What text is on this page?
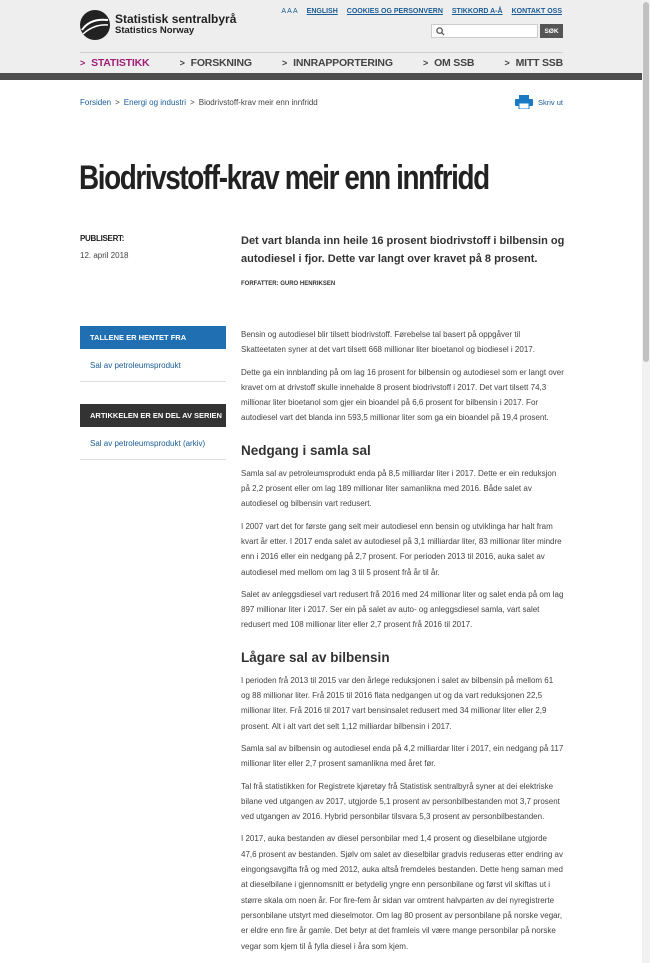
Statistisk sentralbyrå
Statistics Norway
A A A ENGLISH COOKIES OG PERSONVERN STIKKORD A-Å KONTAKT OSS
SØK
> STATISTIKK	> FORSKNING	> INNRAPPORTERING	> OM SSB	> MITT SSB
Forsiden > Energi og industri > Biodrivstoff-krav meir enn innfridd	Skriv ut
Biodrivstoff-krav meir enn innfridd
PUBLISERT:
12. april 2018
Det vart blanda inn heile 16 prosent biodrivstoff i bilbensin og autodiesel i fjor. Dette var langt over kravet på 8 prosent.
FORFATTER: GURO HENRIKSEN
TALLENE ER HENTET FRA
Sal av petroleumsprodukt
ARTIKKELEN ER EN DEL AV SERIEN
Sal av petroleumsprodukt (arkiv)

Bensin og autodiesel blir tilsett biodrivstoff. Førebelse tal basert på oppgåver til Skatteetaten syner at det vart tilsett 668 millionar liter bioetanol og biodiesel i 2017.

Dette ga ein innblanding på om lag 16 prosent for bilbensin og autodiesel som er langt over kravet om at drivstoff skulle innehalde 8 prosent biodrivstoff i 2017. Det vart tilsett 74,3 millionar liter bioetanol som gjer ein bioandel på 6,6 prosent for bilbensin i 2017. For autodiesel vart det blanda inn 593,5 millionar liter som ga ein bioandel på 19,4 prosent.

Nedgang i samla sal

Samla sal av petroleumsprodukt enda på 8,5 milliardar liter i 2017. Dette er ein reduksjon på 2,2 prosent eller om lag 189 millionar liter samanlikna med 2016. Både salet av autodiesel og bilbensin vart redusert.

I 2007 vart det for første gang selt meir autodiesel enn bensin og utviklinga har halt fram kvart år etter. I 2017 enda salet av autodiesel på 3,1 milliardar liter, 83 millionar liter mindre enn i 2016 eller ein nedgang på 2,7 prosent. For perioden 2013 til 2016, auka salet av autodiesel med mellom om lag 3 til 5 prosent frå år til år.

Salet av anleggsdiesel vart redusert frå 2016 med 24 millionar liter og salet enda på om lag 897 millionar liter i 2017. Ser ein på salet av auto- og anleggsdiesel samla, vart salet redusert med 108 millionar liter eller 2,7 prosent frå 2016 til 2017.

Lågare sal av bilbensin

I perioden frå 2013 til 2015 var den årlege reduksjonen i salet av bilbensin på mellom 61 og 88 millionar liter. Frå 2015 til 2016 flata nedgangen ut og da vart reduksjonen 22,5 millionar liter. Frå 2016 til 2017 vart bensinsalet redusert med 34 millionar liter eller 2,9 prosent. Alt i alt vart det selt 1,12 milliardar bilbensin i 2017.

Samla sal av bilbensin og autodiesel enda på 4,2 milliardar liter i 2017, ein nedgang på 117 millionar liter eller 2,7 prosent samanlikna med året før.

Tal frå statistikken for Registrete kjøretøy frå Statistisk sentralbyrå syner at dei elektriske bilane ved utgangen av 2017, utgjorde 5,1 prosent av personbilbestanden mot 3,7 prosent ved utgangen av 2016. Hybrid personbilar tilsvara 5,3 prosent av personbilbestanden.

I 2017, auka bestanden av diesel personbilar med 1,4 prosent og dieselbilane utgjorde 47,6 prosent av bestanden. Sjølv om salet av dieselbilar gradvis reduseras etter endring av eingongsavgifta frå og med 2012, auka altså fremdeles bestanden. Dette heng saman med at dieselbilane i gjennomsnitt er betydelig yngre enn personbilane og først vil skiftas ut i større skala om noen år. For fire-fem år sidan var omtrent halvparten av dei nyregistrerte personbilane utstyrt med dieselmotor. Om lag 80 prosent av personbilane på norske vegar, er eldre enn fire år gamle. Det betyr at det framleis vil være mange personbilar på norske vegar som kjem til å fylla diesel i åra som kjem.
